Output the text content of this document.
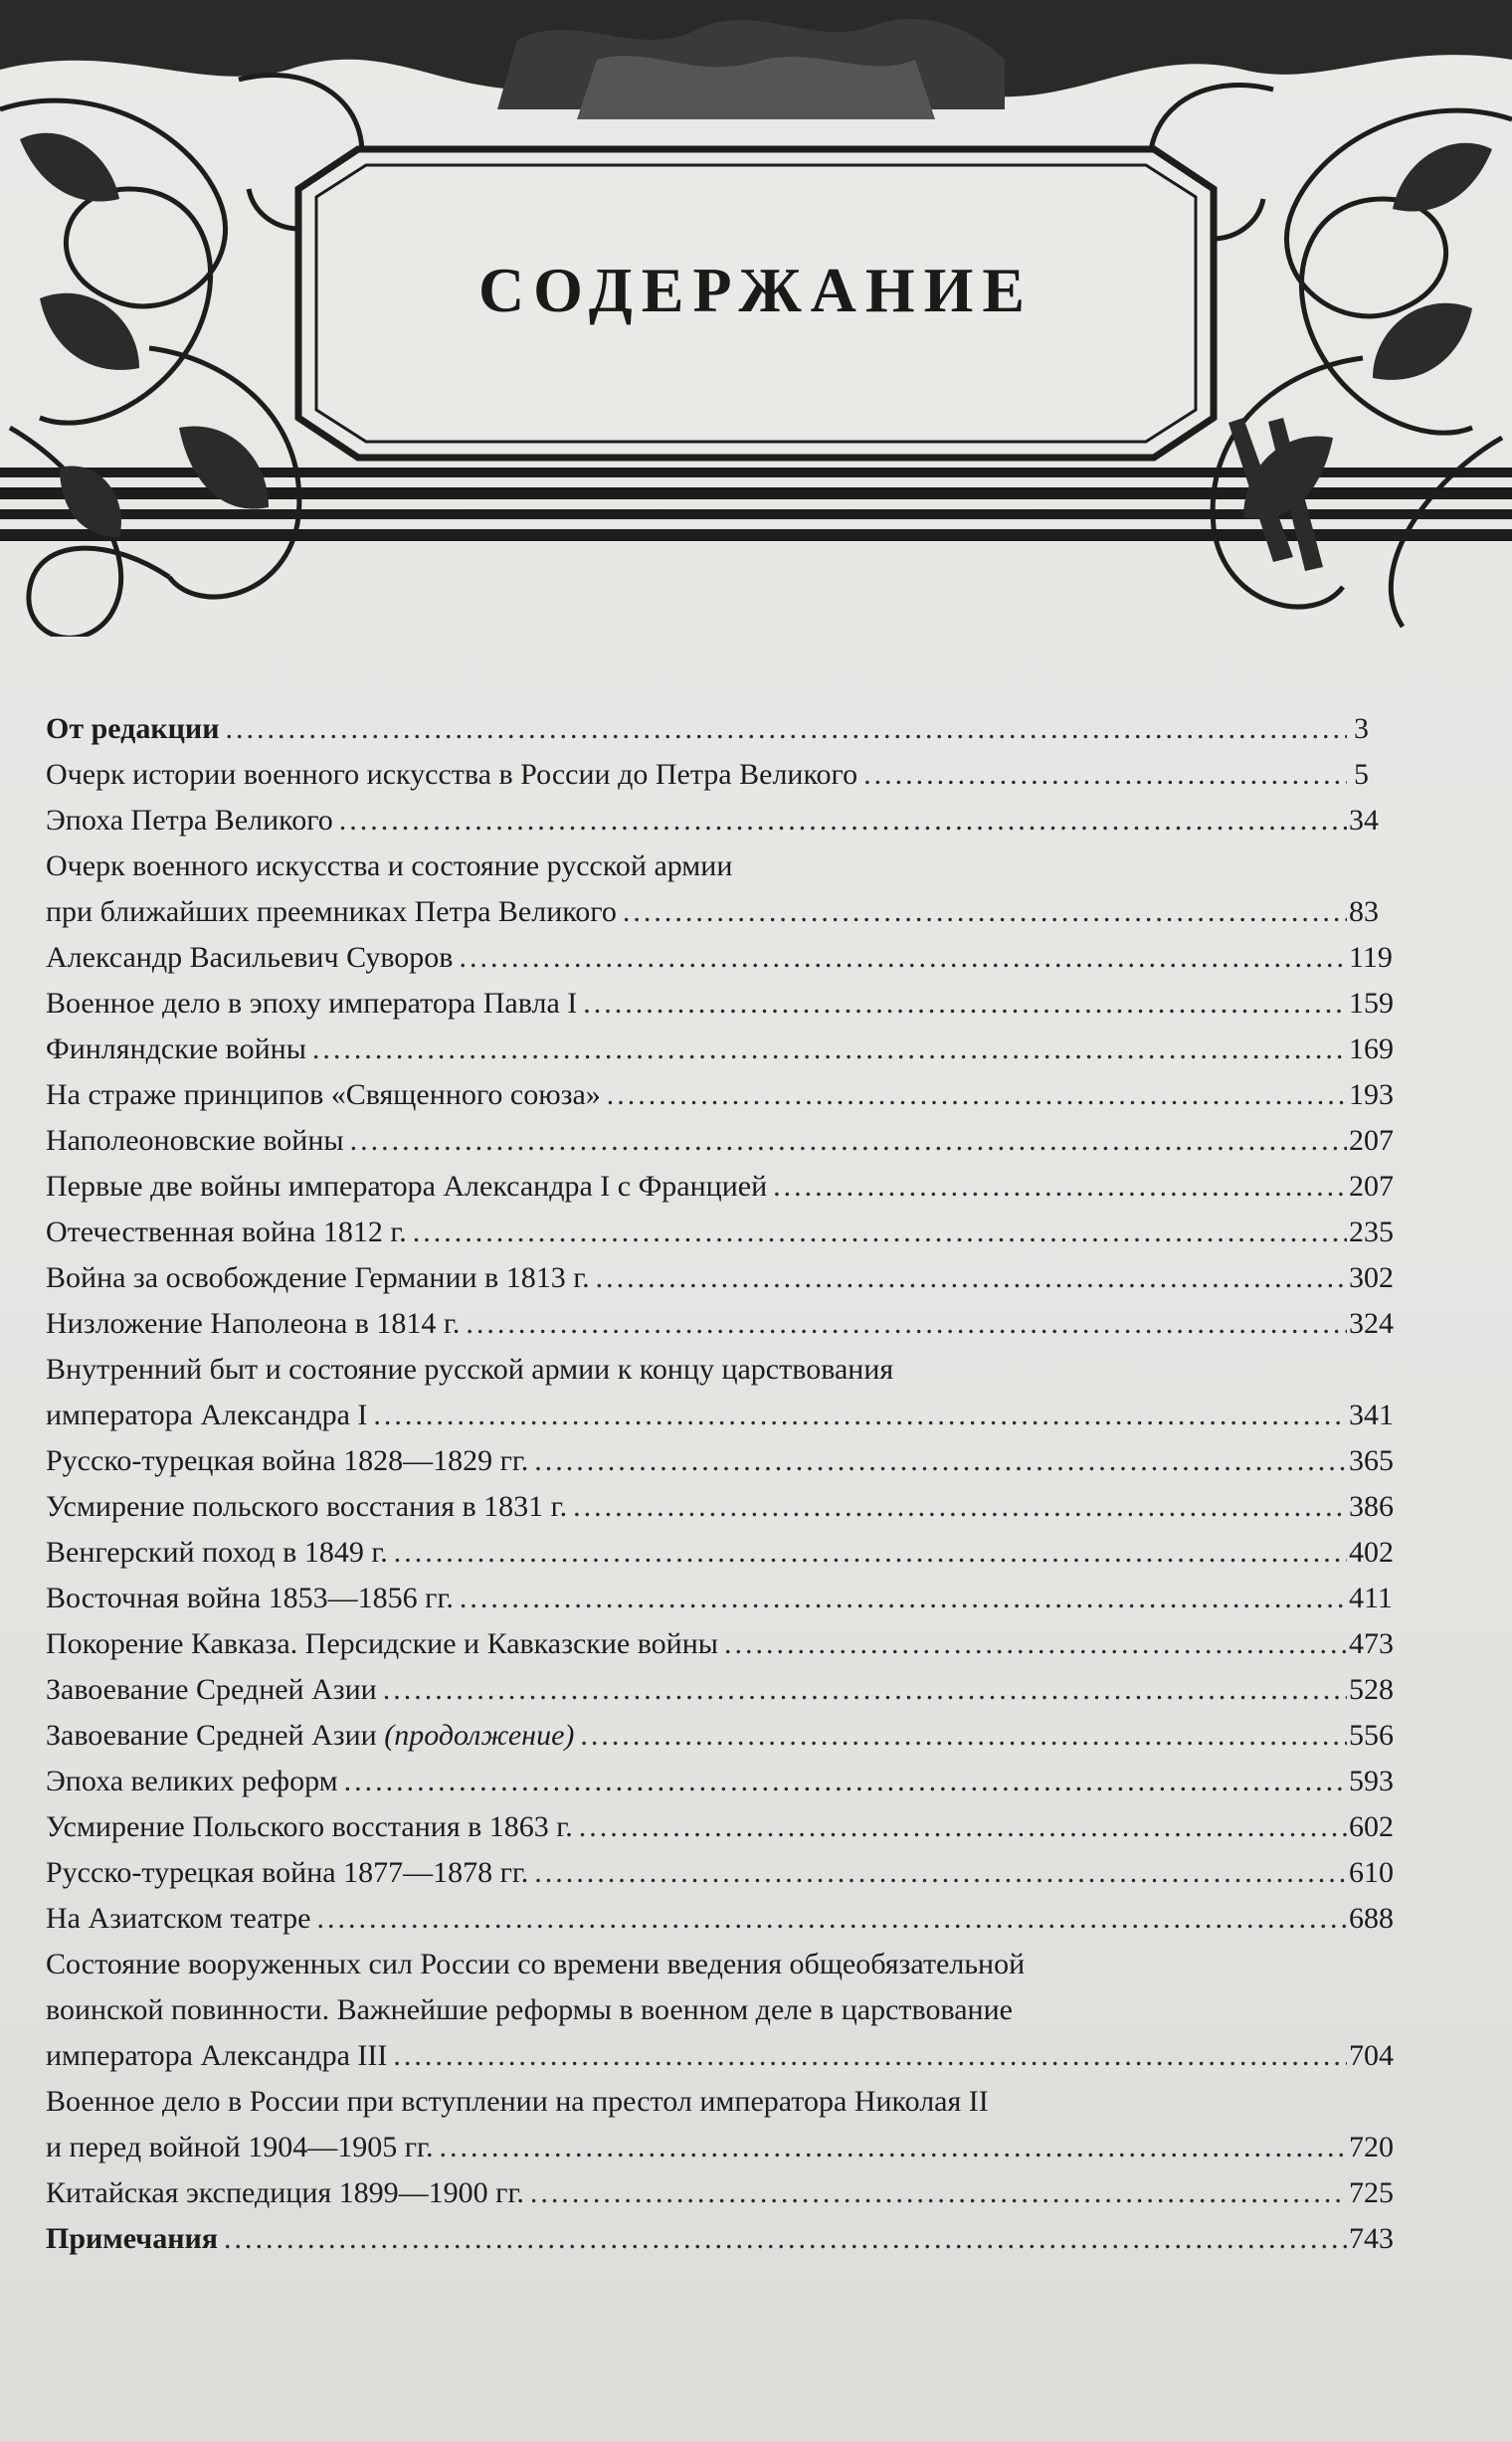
СОДЕРЖАНИЕ
От редакции .....	3
Очерк истории военного искусства в России до Петра Великого .....	5
Эпоха Петра Великого .....	34
Очерк военного искусства и состояние русской армии
при ближайших преемниках Петра Великого .....	83
Александр Васильевич Суворов .....	119
Военное дело в эпоху императора Павла I .....	159
Финляндские войны .....	169
На страже принципов «Священного союза» .....	193
Наполеоновские войны .....	207
Первые две войны императора Александра I с Францией .....	207
Отечественная война 1812 г. .....	235
Война за освобождение Германии в 1813 г. .....	302
Низложение Наполеона в 1814 г. .....	324
Внутренний быт и состояние русской армии к концу царствования
императора Александра I .....	341
Русско-турецкая война 1828—1829 гг. .....	365
Усмирение польского восстания в 1831 г. .....	386
Венгерский поход в 1849 г. .....	402
Восточная война 1853—1856 гг. .....	411
Покорение Кавказа. Персидские и Кавказские войны .....	473
Завоевание Средней Азии .....	528
Завоевание Средней Азии (продолжение) .....	556
Эпоха великих реформ .....	593
Усмирение Польского восстания в 1863 г. .....	602
Русско-турецкая война 1877—1878 гг. .....	610
На Азиатском театре .....	688
Состояние вооруженных сил России со времени введения общеобязательной
воинской повинности. Важнейшие реформы в военном деле в царствование
императора Александра III .....	704
Военное дело в России при вступлении на престол императора Николая II
и перед войной 1904—1905 гг. .....	720
Китайская экспедиция 1899—1900 гг. .....	725
Примечания .....	743
